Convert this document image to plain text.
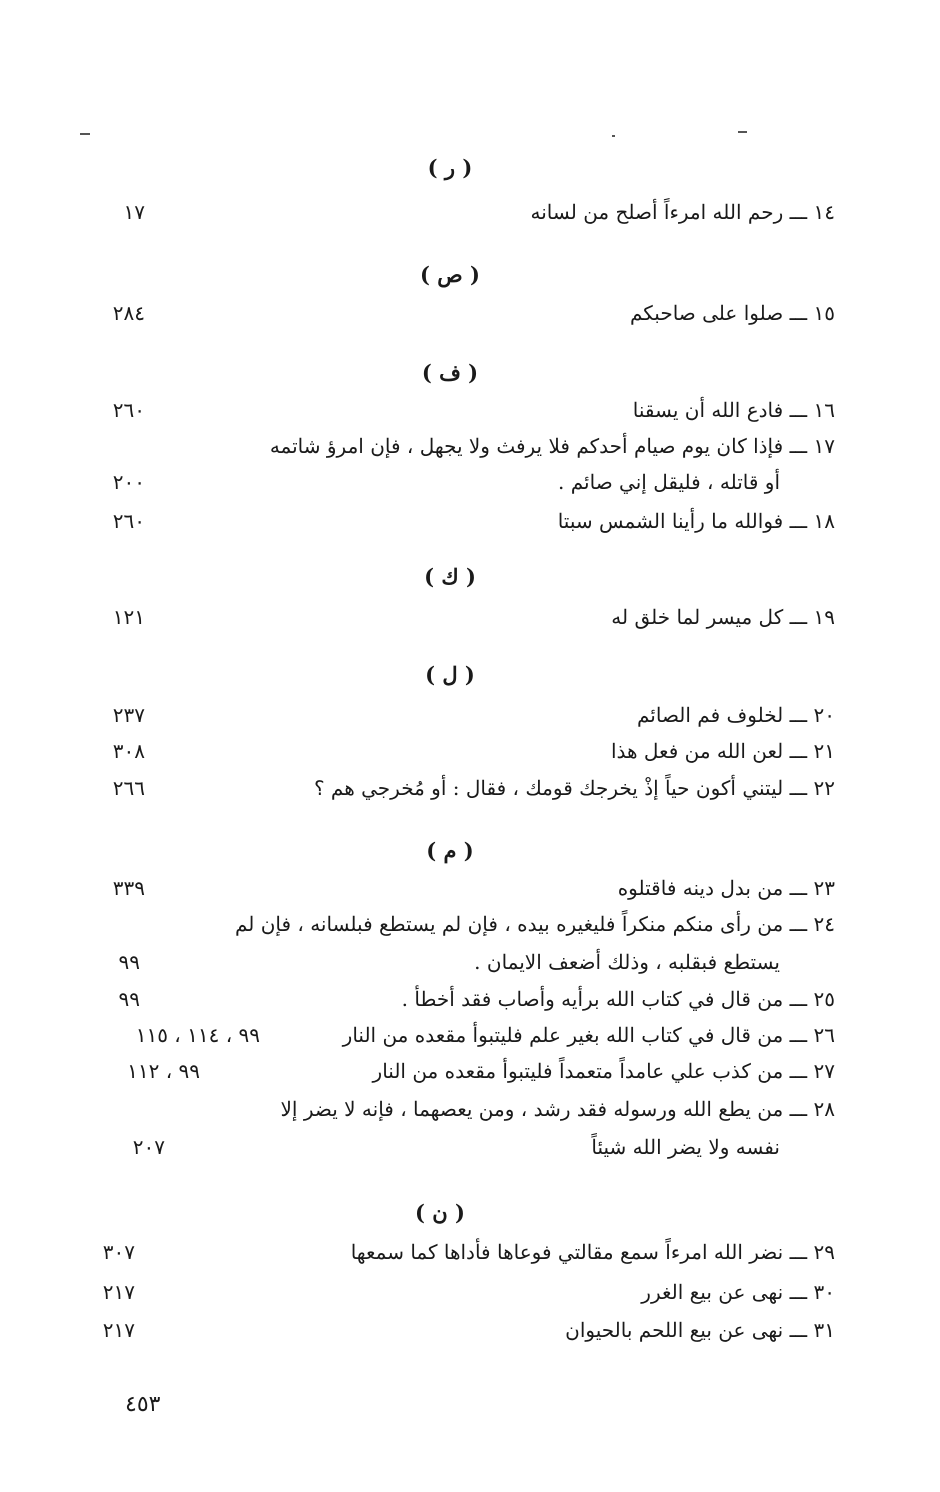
( ر )
١٤ ـــ رحم الله امرءاً أصلح من لسانه
١٧
( ص )
١٥ ـــ صلوا على صاحبكم
٢٨٤
( ف )
١٦ ـــ فادع الله أن يسقنا
٢٦٠
١٧ ـــ فإذا كان يوم صيام أحدكم فلا يرفث ولا يجهل ، فإن امرؤ شاتمه
أو قاتله ، فليقل إني صائم .
٢٠٠
١٨ ـــ فوالله ما رأينا الشمس سبتا
٢٦٠
( ك )
١٩ ـــ كل ميسر لما خلق له
١٢١
( ل )
٢٠ ـــ لخلوف فم الصائم
٢٣٧
٢١ ـــ لعن الله من فعل هذا
٣٠٨
٢٢ ـــ ليتني أكون حياً إذْ يخرجك قومك ، فقال : أو مُخرجي هم ؟
٢٦٦
( م )
٢٣ ـــ من بدل دينه فاقتلوه
٣٣٩
٢٤ ـــ من رأى منكم منكراً فليغيره بيده ، فإن لم يستطع فبلسانه ، فإن لم
يستطع فبقلبه ، وذلك أضعف الايمان .
٩٩
٢٥ ـــ من قال في كتاب الله برأيه وأصاب فقد أخطأ .
٩٩
٢٦ ـــ من قال في كتاب الله بغير علم فليتبوأ مقعده من النار
٩٩ ، ١١٤ ، ١١٥
٢٧ ـــ من كذب علي عامداً متعمداً فليتبوأ مقعده من النار
٩٩ ، ١١٢
٢٨ ـــ من يطع الله ورسوله فقد رشد ، ومن يعصهما ، فإنه لا يضر إلا
نفسه ولا يضر الله شيئاً
٢٠٧
( ن )
٢٩ ـــ نضر الله امرءاً سمع مقالتي فوعاها فأداها كما سمعها
٣٠٧
٣٠ ـــ نهى عن بيع الغرر
٢١٧
٣١ ـــ نهى عن بيع اللحم بالحيوان
٢١٧
٤٥٣
